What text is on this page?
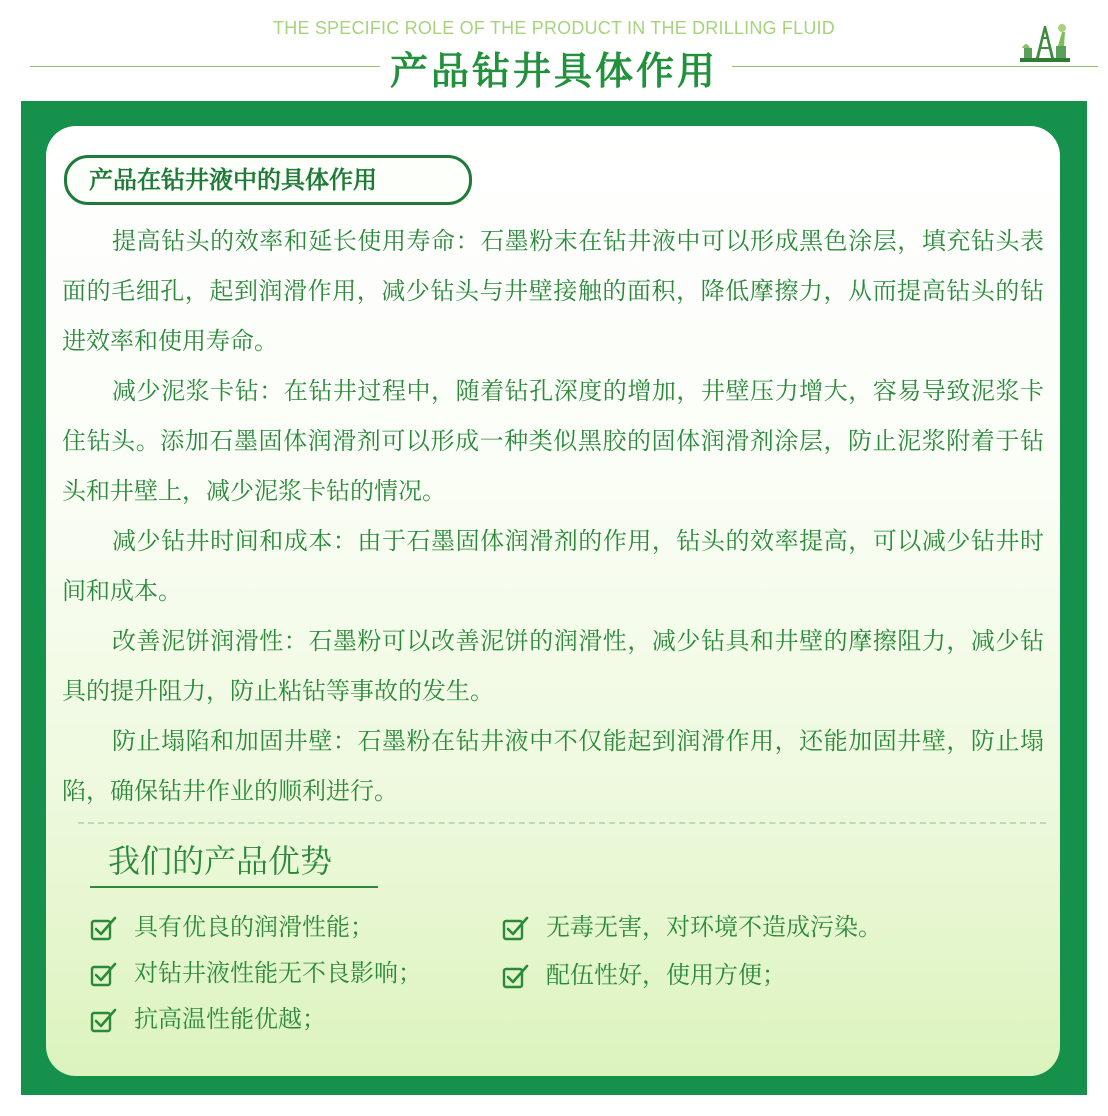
THE SPECIFIC ROLE OF THE PRODUCT IN THE DRILLING FLUID
产品钻井具体作用
产品在钻井液中的具体作用

提高钻头的效率和延长使用寿命：石墨粉末在钻井液中可以形成黑色涂层，填充钻头表面的毛细孔，起到润滑作用，减少钻头与井壁接触的面积，降低摩擦力，从而提高钻头的钻进效率和使用寿命。

减少泥浆卡钻：在钻井过程中，随着钻孔深度的增加，井壁压力增大，容易导致泥浆卡住钻头。添加石墨固体润滑剂可以形成一种类似黑胶的固体润滑剂涂层，防止泥浆附着于钻头和井壁上，减少泥浆卡钻的情况。

减少钻井时间和成本：由于石墨固体润滑剂的作用，钻头的效率提高，可以减少钻井时间和成本。

改善泥饼润滑性：石墨粉可以改善泥饼的润滑性，减少钻具和井壁的摩擦阻力，减少钻具的提升阻力，防止粘钻等事故的发生。

防止塌陷和加固井壁：石墨粉在钻井液中不仅能起到润滑作用，还能加固井壁，防止塌陷，确保钻井作业的顺利进行。

我们的产品优势
具有优良的润滑性能；
对钻井液性能无不良影响；
抗高温性能优越；
无毒无害，对环境不造成污染。
配伍性好，使用方便；
